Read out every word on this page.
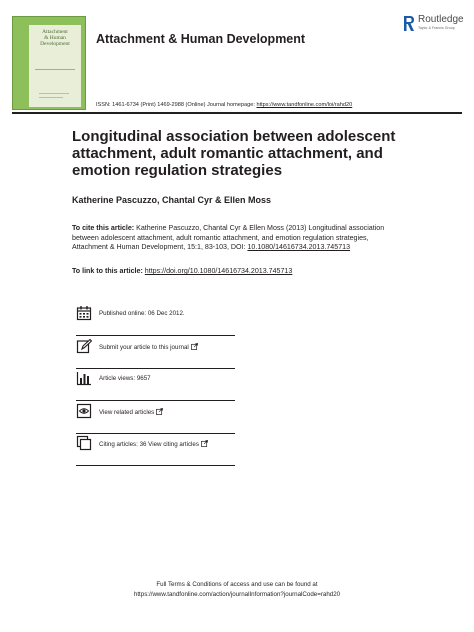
Attachment
& Human
Development	Attachment & Human Development
Routledge
Taylor & Francis Group
ISSN: 1461-6734 (Print) 1469-2988 (Online) Journal homepage: https://www.tandfonline.com/loi/rahd20
Longitudinal association between adolescent attachment, adult romantic attachment, and emotion regulation strategies

Katherine Pascuzzo, Chantal Cyr & Ellen Moss

To cite this article: Katherine Pascuzzo, Chantal Cyr & Ellen Moss (2013) Longitudinal association between adolescent attachment, adult romantic attachment, and emotion regulation strategies, Attachment & Human Development, 15:1, 83-103, DOI: 10.1080/14616734.2013.745713

To link to this article: https://doi.org/10.1080/14616734.2013.745713

Published online: 06 Dec 2012.
Submit your article to this journal
Article views: 9657
View related articles
Citing articles: 36 View citing articles
Full Terms & Conditions of access and use can be found at
https://www.tandfonline.com/action/journalInformation?journalCode=rahd20
